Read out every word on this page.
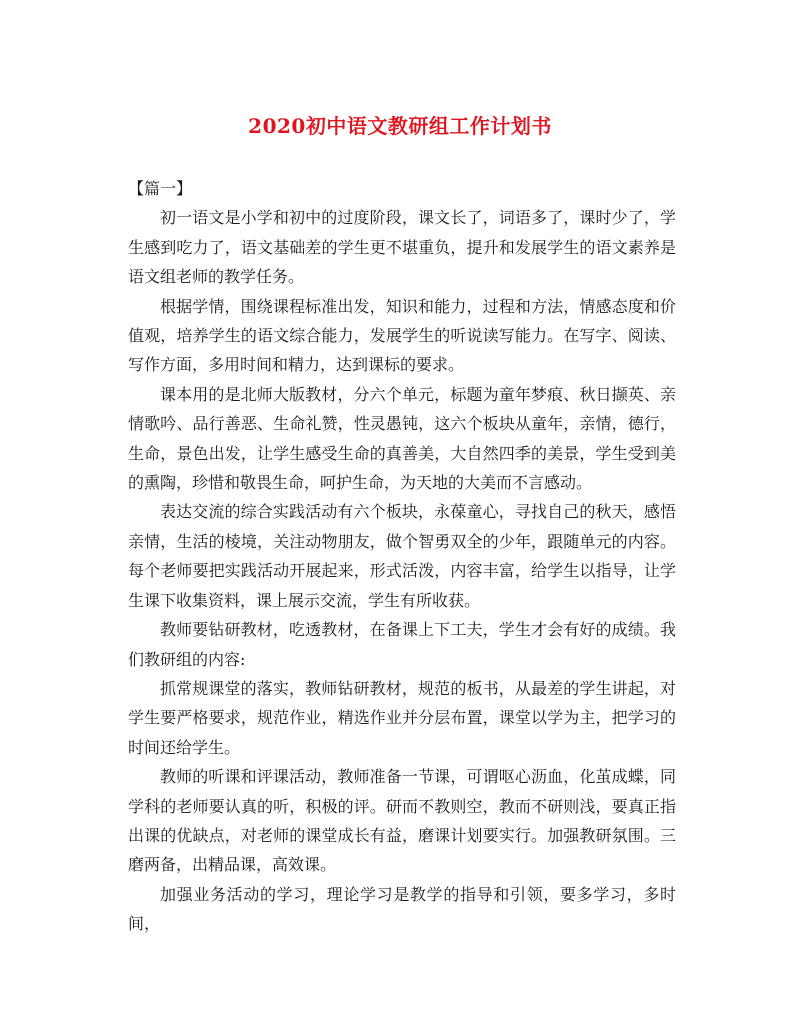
2020初中语文教研组工作计划书

【篇一】

初一语文是小学和初中的过度阶段，课文长了，词语多了，课时少了，学生感到吃力了，语文基础差的学生更不堪重负，提升和发展学生的语文素养是语文组老师的教学任务。

根据学情，围绕课程标准出发，知识和能力，过程和方法，情感态度和价值观，培养学生的语文综合能力，发展学生的听说读写能力。在写字、阅读、写作方面，多用时间和精力，达到课标的要求。

课本用的是北师大版教材，分六个单元，标题为童年梦痕、秋日撷英、亲情歌吟、品行善恶、生命礼赞，性灵愚钝，这六个板块从童年，亲情，德行，生命，景色出发，让学生感受生命的真善美，大自然四季的美景，学生受到美的熏陶，珍惜和敬畏生命，呵护生命，为天地的大美而不言感动。

表达交流的综合实践活动有六个板块，永葆童心，寻找自己的秋天，感悟亲情，生活的棱境，关注动物朋友，做个智勇双全的少年，跟随单元的内容。每个老师要把实践活动开展起来，形式活泼，内容丰富，给学生以指导，让学生课下收集资料，课上展示交流，学生有所收获。

教师要钻研教材，吃透教材，在备课上下工夫，学生才会有好的成绩。我们教研组的内容:

抓常规课堂的落实，教师钻研教材，规范的板书，从最差的学生讲起，对学生要严格要求，规范作业，精选作业并分层布置，课堂以学为主，把学习的时间还给学生。

教师的听课和评课活动，教师准备一节课，可谓呕心沥血，化茧成蝶，同学科的老师要认真的听，积极的评。研而不教则空，教而不研则浅，要真正指出课的优缺点，对老师的课堂成长有益，磨课计划要实行。加强教研氛围。三磨两备，出精品课，高效课。

加强业务活动的学习，理论学习是教学的指导和引领，要多学习，多时间，
